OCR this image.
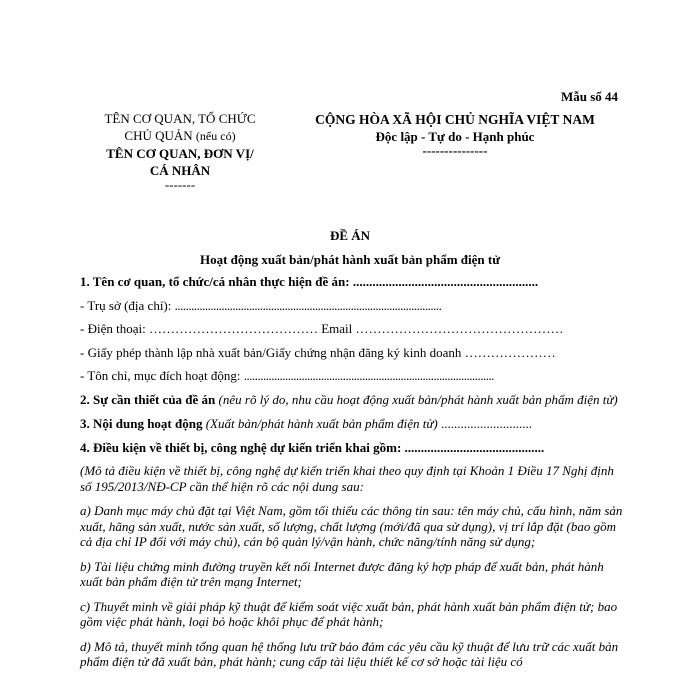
Mẫu số 44
TÊN CƠ QUAN, TỔ CHỨC
CHỦ QUẢN (nếu có)
TÊN CƠ QUAN, ĐƠN VỊ/
CÁ NHÂN
-------
CỘNG HÒA XÃ HỘI CHỦ NGHĨA VIỆT NAM
Độc lập - Tự do - Hạnh phúc
---------------
ĐỀ ÁN
Hoạt động xuất bản/phát hành xuất bản phẩm điện tử

1. Tên cơ quan, tổ chức/cá nhân thực hiện đề án: .........................................................

- Trụ sở (địa chỉ): .................................................................................................

- Điện thoại: ………………………………… Email …………………………………………

- Giấy phép thành lập nhà xuất bản/Giấy chứng nhận đăng ký kinh doanh …………………

- Tôn chỉ, mục đích hoạt động: ...........................................................................................

2. Sự cần thiết của đề án (nêu rõ lý do, nhu cầu hoạt động xuất bản/phát hành xuất bản phẩm điện tử)

3. Nội dung hoạt động (Xuất bản/phát hành xuất bản phẩm điện tử) ............................

4. Điều kiện về thiết bị, công nghệ dự kiến triển khai gồm: ...........................................

(Mô tả điều kiện về thiết bị, công nghệ dự kiến triển khai theo quy định tại Khoản 1 Điều 17 Nghị định số 195/2013/NĐ-CP cần thể hiện rõ các nội dung sau:

a) Danh mục máy chủ đặt tại Việt Nam, gồm tối thiểu các thông tin sau: tên máy chủ, cấu hình, năm sản xuất, hãng sản xuất, nước sản xuất, số lượng, chất lượng (mới/đã qua sử dụng), vị trí lắp đặt (bao gồm cả địa chỉ IP đối với máy chủ), cán bộ quản lý/vận hành, chức năng/tính năng sử dụng;

b) Tài liệu chứng minh đường truyền kết nối Internet được đăng ký hợp pháp để xuất bản, phát hành xuất bản phẩm điện tử trên mạng Internet;

c) Thuyết minh về giải pháp kỹ thuật để kiểm soát việc xuất bản, phát hành xuất bản phẩm điện tử; bao gồm việc phát hành, loại bỏ hoặc khôi phục để phát hành;

d) Mô tả, thuyết minh tổng quan hệ thống lưu trữ bảo đảm các yêu cầu kỹ thuật để lưu trữ các xuất bản phẩm điện tử đã xuất bản, phát hành; cung cấp tài liệu thiết kế cơ sở hoặc tài liệu có
